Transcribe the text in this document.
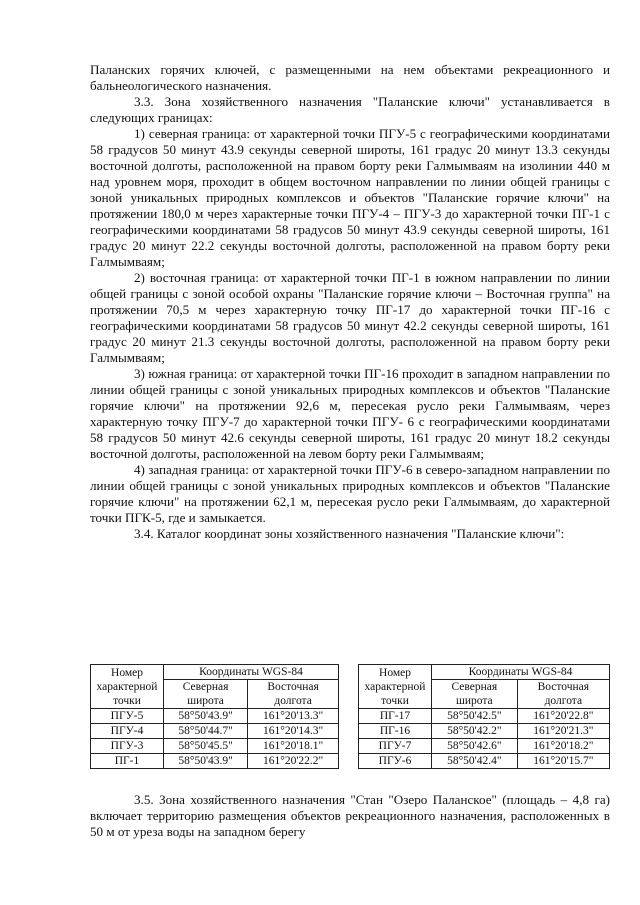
Паланских горячих ключей, с размещенными на нем объектами рекреационного и бальнеологического назначения.

3.3. Зона хозяйственного назначения "Паланские ключи" устанавливается в следующих границах:

1) северная граница: от характерной точки ПГУ-5 с географическими координатами 58 градусов 50 минут 43.9 секунды северной широты, 161 градус 20 минут 13.3 секунды восточной долготы, расположенной на правом борту реки Галмымваям на изолинии 440 м над уровнем моря, проходит в общем восточном направлении по линии общей границы с зоной уникальных природных комплексов и объектов "Паланские горячие ключи" на протяжении 180,0 м через характерные точки ПГУ-4 – ПГУ-3 до характерной точки ПГ-1 с географическими координатами 58 градусов 50 минут 43.9 секунды северной широты, 161 градус 20 минут 22.2 секунды восточной долготы, расположенной на правом борту реки Галмымваям;

2) восточная граница: от характерной точки ПГ-1 в южном направлении по линии общей границы с зоной особой охраны "Паланские горячие ключи – Восточная группа" на протяжении 70,5 м через характерную точку ПГ-17 до характерной точки ПГ-16 с географическими координатами 58 градусов 50 минут 42.2 секунды северной широты, 161 градус 20 минут 21.3 секунды восточной долготы, расположенной на правом борту реки Галмымваям;

3) южная граница: от характерной точки ПГ-16 проходит в западном направлении по линии общей границы с зоной уникальных природных комплексов и объектов "Паланские горячие ключи" на протяжении 92,6 м, пересекая русло реки Галмымваям, через характерную точку ПГУ-7 до характерной точки ПГУ- 6 с географическими координатами 58 градусов 50 минут 42.6 секунды северной широты, 161 градус 20 минут 18.2 секунды восточной долготы, расположенной на левом борту реки Галмымваям;

4) западная граница: от характерной точки ПГУ-6 в северо-западном направлении по линии общей границы с зоной уникальных природных комплексов и объектов "Паланские горячие ключи" на протяжении 62,1 м, пересекая русло реки Галмымваям, до характерной точки ПГК-5, где и замыкается.

3.4. Каталог координат зоны хозяйственного назначения "Паланские ключи":

Номер характерной точки	Координаты WGS-84	
	Северная широта	Восточная долгота
ПГУ-5	58°50'43.9"	161°20'13.3"
ПГУ-4	58°50'44.7"	161°20'14.3"
ПГУ-3	58°50'45.5"	161°20'18.1"
ПГ-1	58°50'43.9"	161°20'22.2"
Номер характерной точки	Координаты WGS-84	
	Северная широта	Восточная долгота
ПГ-17	58°50'42.5"	161°20'22.8"
ПГ-16	58°50'42.2"	161°20'21.3"
ПГУ-7	58°50'42.6"	161°20'18.2"
ПГУ-6	58°50'42.4"	161°20'15.7"

3.5. Зона хозяйственного назначения "Стан "Озеро Паланское" (площадь – 4,8 га) включает территорию размещения объектов рекреационного назначения, расположенных в 50 м от уреза воды на западном берегу
